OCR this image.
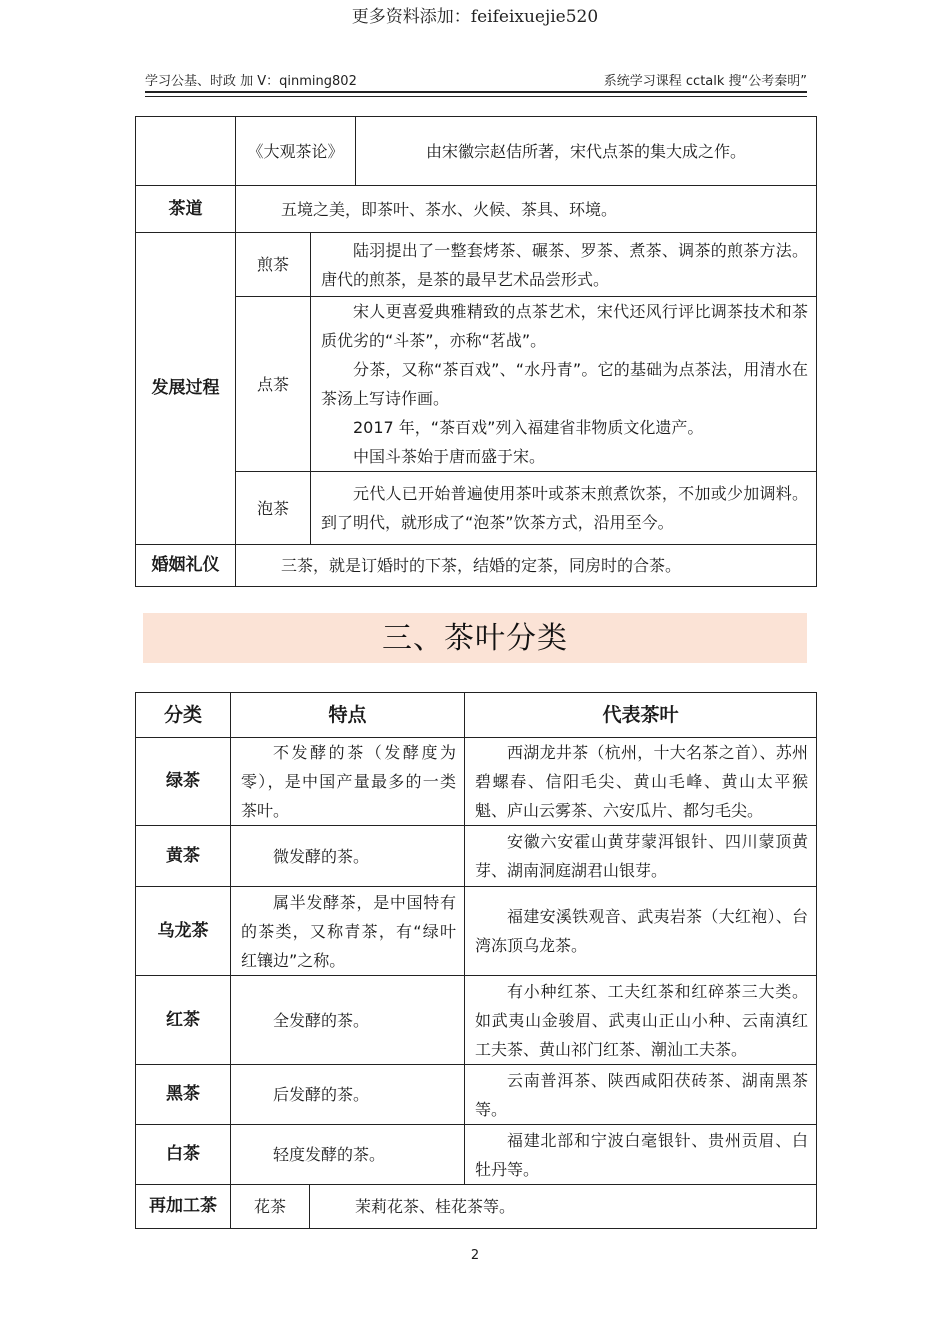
更多资料添加：feifeixuejie520
学习公基、时政 加 V：qinming802	系统学习课程 cctalk 搜“公考秦明”
	《大观茶论》		由宋徽宗赵佶所著，宋代点茶的集大成之作。
茶道	五境之美，即茶叶、茶水、火候、茶具、环境。		
发展过程	煎茶	陆羽提出了一整套烤茶、碾茶、罗茶、煮茶、调茶的煎茶方法。唐代的煎茶，是茶的最早艺术品尝形式。	

	点茶	宋人更喜爱典雅精致的点茶艺术，宋代还风行评比调茶技术和茶质优劣的“斗茶”，亦称“茗战”。
分茶，又称“茶百戏”、“水丹青”。它的基础为点茶法，用清水在茶汤上写诗作画。
2017 年，“茶百戏”列入福建省非物质文化遗产。
中国斗茶始于唐而盛于宋。	

	泡茶	元代人已开始普遍使用茶叶或茶末煎煮饮茶，不加或少加调料。到了明代，就形成了“泡茶”饮茶方式，沿用至今。	

婚姻礼仪	三茶，就是订婚时的下茶，结婚的定茶，同房时的合茶。		
三、茶叶分类
分类	特点		代表茶叶
绿茶	不发酵的茶（发酵度为零），是中国产量最多的一类茶叶。		西湖龙井茶（杭州，十大名茶之首）、苏州碧螺春、信阳毛尖、黄山毛峰、黄山太平猴魁、庐山云雾茶、六安瓜片、都匀毛尖。

黄茶	微发酵的茶。		安徽六安霍山黄芽蒙洱银针、四川蒙顶黄芽、湖南洞庭湖君山银芽。

乌龙茶	属半发酵茶，是中国特有的茶类，又称青茶，有“绿叶红镶边”之称。		福建安溪铁观音、武夷岩茶（大红袍）、台湾冻顶乌龙茶。

红茶	全发酵的茶。		有小种红茶、工夫红茶和红碎茶三大类。如武夷山金骏眉、武夷山正山小种、云南滇红工夫茶、黄山祁门红茶、潮汕工夫茶。

黑茶	后发酵的茶。		云南普洱茶、陕西咸阳茯砖茶、湖南黑茶等。

白茶	轻度发酵的茶。		福建北部和宁波白毫银针、贵州贡眉、白牡丹等。

再加工茶	花茶	茉莉花茶、桂花茶等。	
2
